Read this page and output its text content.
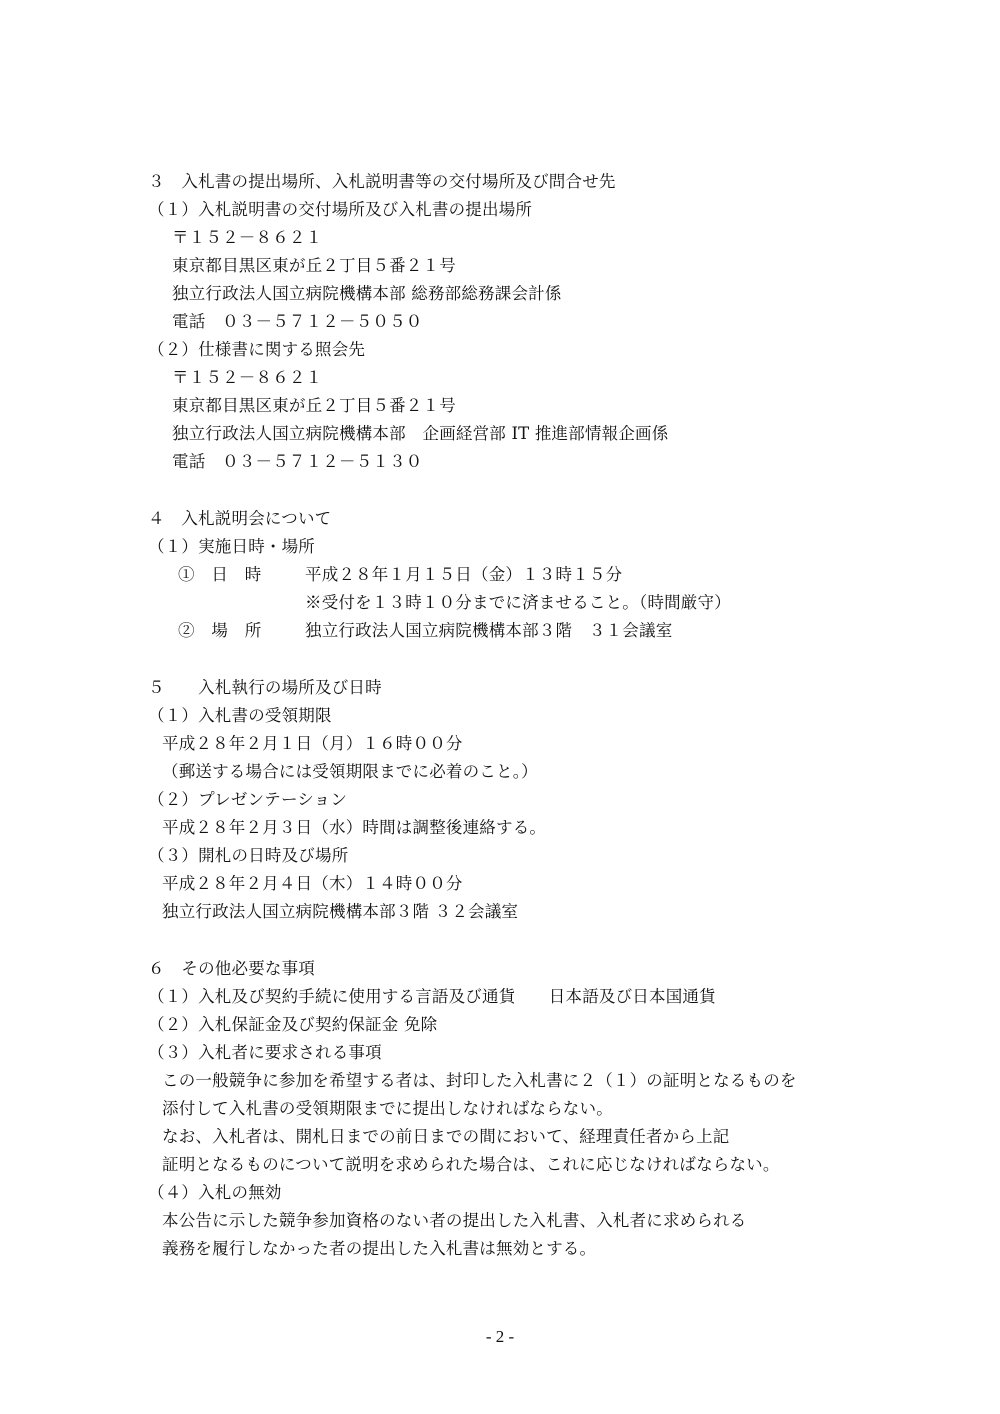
３　入札書の提出場所、入札説明書等の交付場所及び問合せ先

（１）入札説明書の交付場所及び入札書の提出場所

〒１５２－８６２１

東京都目黒区東が丘２丁目５番２１号

独立行政法人国立病院機構本部 総務部総務課会計係

電話　０３－５７１２－５０５０

（２）仕様書に関する照会先

〒１５２－８６２１

東京都目黒区東が丘２丁目５番２１号

独立行政法人国立病院機構本部　企画経営部 IT 推進部情報企画係

電話　０３－５７１２－５１３０

４　入札説明会について

（１）実施日時・場所

①　日　時	平成２８年１月１５日（金）１３時１５分

※受付を１３時１０分までに済ませること。（時間厳守）

②　場　所	独立行政法人国立病院機構本部３階　３１会議室

５　　入札執行の場所及び日時

（１）入札書の受領期限

平成２８年２月１日（月）１６時００分

（郵送する場合には受領期限までに必着のこと。）

（２）プレゼンテーション

平成２８年２月３日（水）時間は調整後連絡する。

（３）開札の日時及び場所

平成２８年２月４日（木）１４時００分

独立行政法人国立病院機構本部３階 ３２会議室

６　その他必要な事項

（１）入札及び契約手続に使用する言語及び通貨　　日本語及び日本国通貨

（２）入札保証金及び契約保証金 免除

（３）入札者に要求される事項

この一般競争に参加を希望する者は、封印した入札書に２（１）の証明となるものを

添付して入札書の受領期限までに提出しなければならない。

なお、入札者は、開札日までの前日までの間において、経理責任者から上記

証明となるものについて説明を求められた場合は、これに応じなければならない。

（４）入札の無効

本公告に示した競争参加資格のない者の提出した入札書、入札者に求められる

義務を履行しなかった者の提出した入札書は無効とする。

- 2 -
